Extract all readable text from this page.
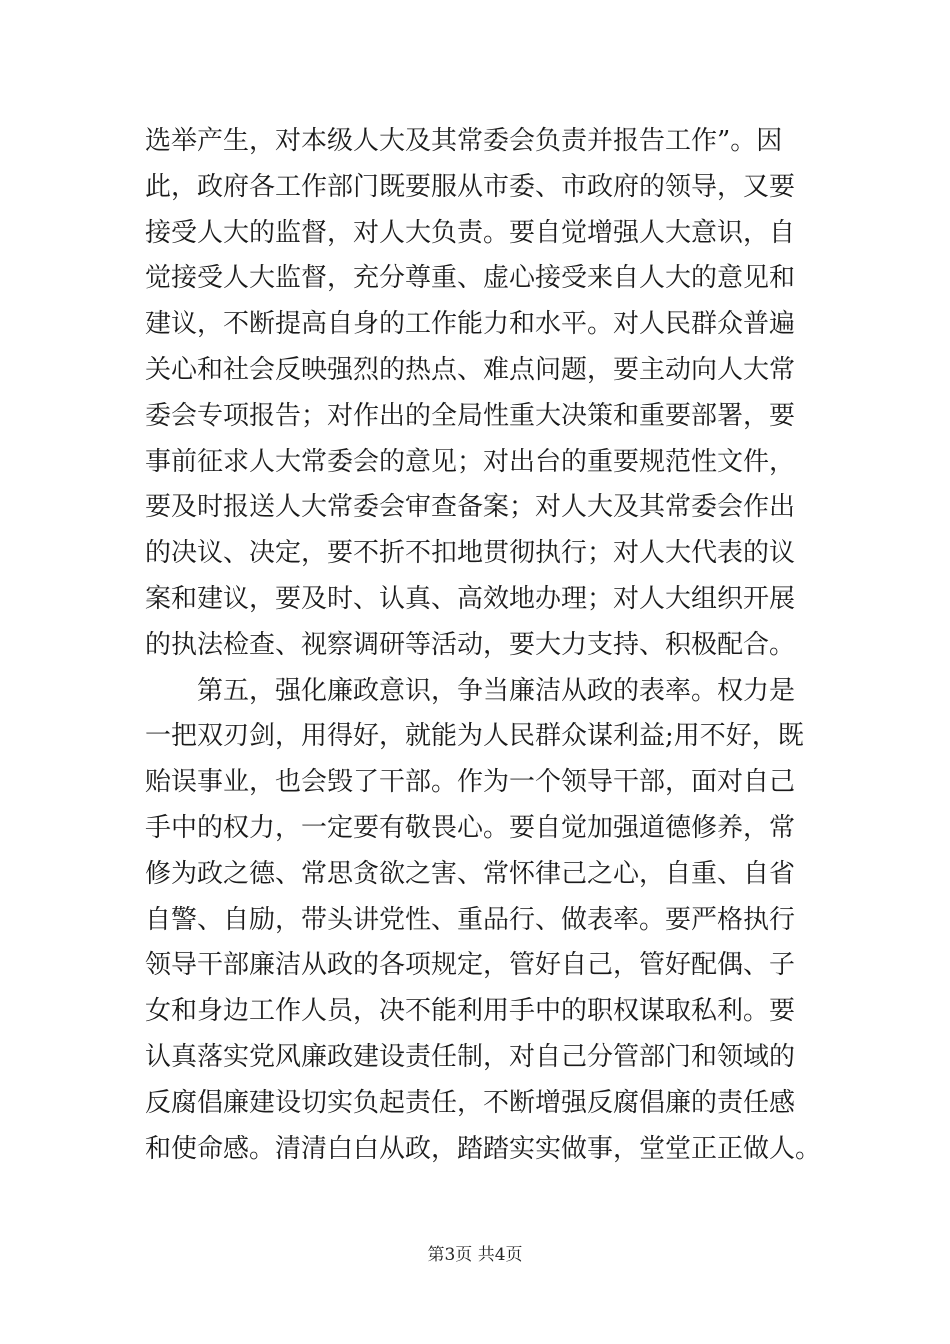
选举产生，对本级人大及其常委会负责并报告工作”。因
此，政府各工作部门既要服从市委、市政府的领导，又要
接受人大的监督，对人大负责。要自觉增强人大意识，自
觉接受人大监督，充分尊重、虚心接受来自人大的意见和
建议，不断提高自身的工作能力和水平。对人民群众普遍
关心和社会反映强烈的热点、难点问题，要主动向人大常
委会专项报告；对作出的全局性重大决策和重要部署，要
事前征求人大常委会的意见；对出台的重要规范性文件，
要及时报送人大常委会审查备案；对人大及其常委会作出
的决议、决定，要不折不扣地贯彻执行；对人大代表的议
案和建议，要及时、认真、高效地办理；对人大组织开展
的执法检查、视察调研等活动，要大力支持、积极配合。
第五，强化廉政意识，争当廉洁从政的表率。权力是
一把双刃剑，用得好，就能为人民群众谋利益;用不好，既
贻误事业，也会毁了干部。作为一个领导干部，面对自己
手中的权力，一定要有敬畏心。要自觉加强道德修养，常
修为政之德、常思贪欲之害、常怀律己之心，自重、自省
自警、自励，带头讲党性、重品行、做表率。要严格执行
领导干部廉洁从政的各项规定，管好自己，管好配偶、子
女和身边工作人员，决不能利用手中的职权谋取私利。要
认真落实党风廉政建设责任制，对自己分管部门和领域的
反腐倡廉建设切实负起责任，不断增强反腐倡廉的责任感
和使命感。清清白白从政，踏踏实实做事，堂堂正正做人。
第3页 共4页
